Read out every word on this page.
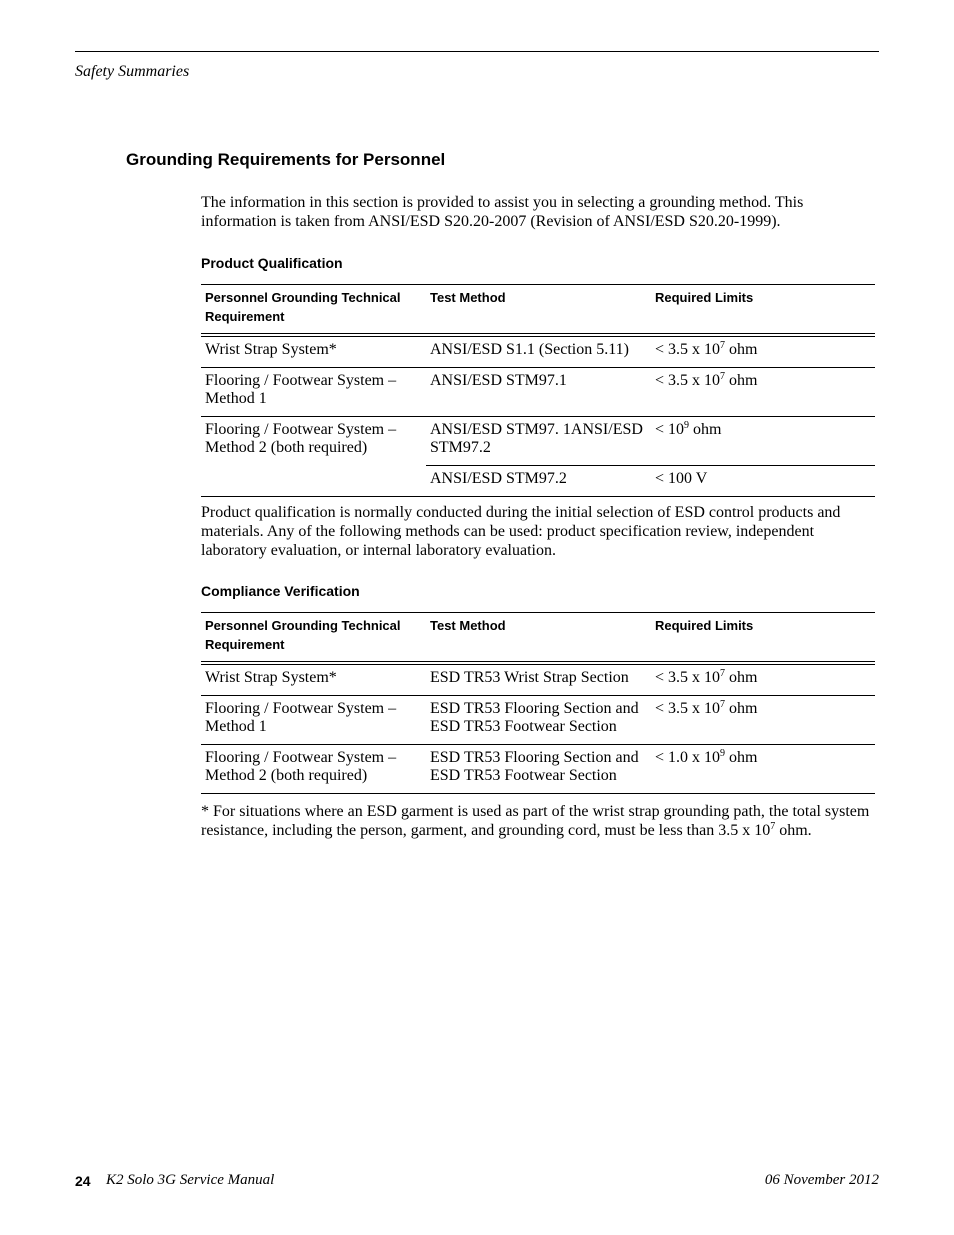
Safety Summaries
Grounding Requirements for Personnel
The information in this section is provided to assist you in selecting a grounding method. This information is taken from ANSI/ESD S20.20-2007 (Revision of ANSI/ESD S20.20-1999).
Product Qualification
Personnel Grounding Technical Requirement	Test Method	Required Limits
Wrist Strap System*	ANSI/ESD S1.1 (Section 5.11)	< 3.5 x $10^7$ ohm
Flooring / Footwear System – Method 1	ANSI/ESD STM97.1	< 3.5 x $10^7$ ohm
Flooring / Footwear System – Method 2 (both required)	ANSI/ESD STM97. 1ANSI/ESD STM97.2	< $10^9$ ohm
	ANSI/ESD STM97.2	< 100 V
Product qualification is normally conducted during the initial selection of ESD control products and materials. Any of the following methods can be used: product specification review, independent laboratory evaluation, or internal laboratory evaluation.
Compliance Verification
Personnel Grounding Technical Requirement	Test Method	Required Limits
Wrist Strap System*	ESD TR53 Wrist Strap Section	< 3.5 x $10^7$ ohm
Flooring / Footwear System – Method 1	ESD TR53 Flooring Section and ESD TR53 Footwear Section	< 3.5 x $10^7$ ohm
Flooring / Footwear System – Method 2 (both required)	ESD TR53 Flooring Section and ESD TR53 Footwear Section	< 1.0 x $10^9$ ohm
* For situations where an ESD garment is used as part of the wrist strap grounding path, the total system resistance, including the person, garment, and grounding cord, must be less than 3.5 x $10^7$ ohm.
24 K2 Solo 3G Service Manual	06 November 2012
